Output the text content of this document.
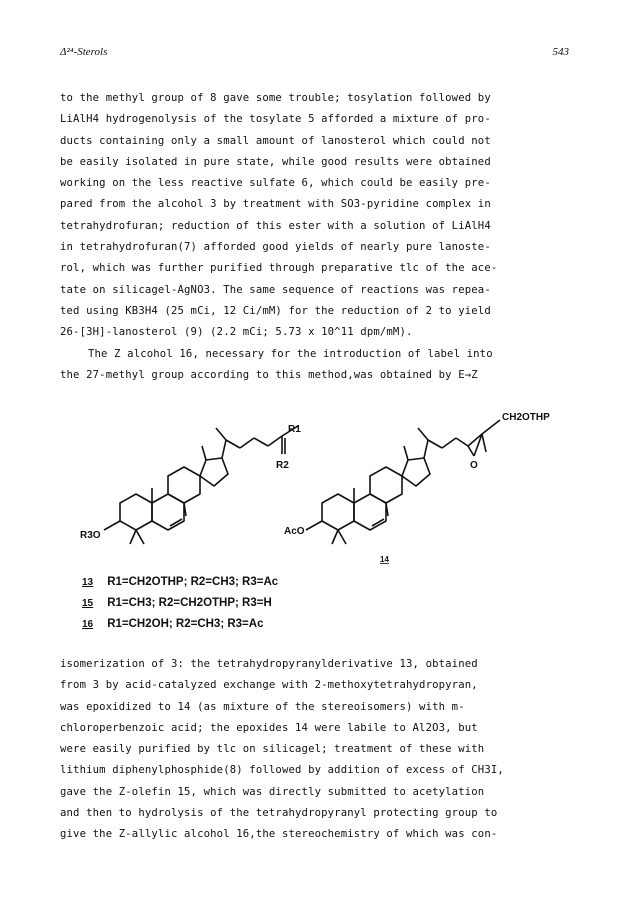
Δ²⁴-Sterols	543
to the methyl group of 8 gave some trouble; tosylation followed by
LiAlH4 hydrogenolysis of the tosylate 5 afforded a mixture of pro-
ducts containing only a small amount of lanosterol which could not
be easily isolated in pure state, while good results were obtained
working on the less reactive sulfate 6, which could be easily pre-
pared from the alcohol 3 by treatment with SO3-pyridine complex in
tetrahydrofuran; reduction of this ester with a solution of LiAlH4
in tetrahydrofuran(7) afforded good yields of nearly pure lanoste-
rol, which was further purified through preparative tlc of the ace-
tate on silicagel-AgNO3. The same sequence of reactions was repea-
ted using KB3H4 (25 mCi, 12 Ci/mM) for the reduction of 2 to yield
26-[3H]-lanosterol (9) (2.2 mCi; 5.73 x 10^11 dpm/mM).
The Z alcohol 16, necessary for the introduction of label into
the 27-methyl group according to this method,was obtained by E→Z
R1
R2
R3O
CH2OTHP
AcO
O
14
13 R1=CH2OTHP; R2=CH3; R3=Ac
15 R1=CH3; R2=CH2OTHP; R3=H
16 R1=CH2OH; R2=CH3; R3=Ac
isomerization of 3: the tetrahydropyranylderivative 13, obtained
from 3 by acid-catalyzed exchange with 2-methoxytetrahydropyran,
was epoxidized to 14 (as mixture of the stereoisomers) with m-
chloroperbenzoic acid; the epoxides 14 were labile to Al2O3, but
were easily purified by tlc on silicagel; treatment of these with
lithium diphenylphosphide(8) followed by addition of excess of CH3I,
gave the Z-olefin 15, which was directly submitted to acetylation
and then to hydrolysis of the tetrahydropyranyl protecting group to
give the Z-allylic alcohol 16,the stereochemistry of which was con-
